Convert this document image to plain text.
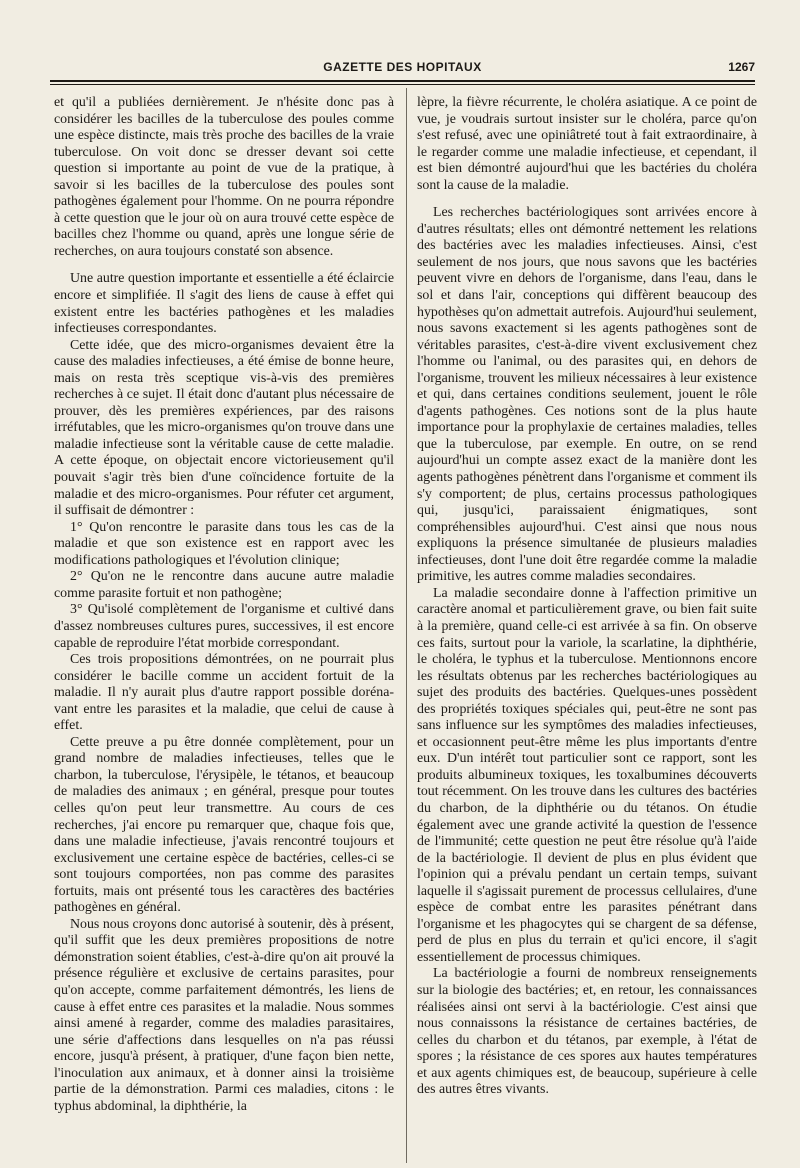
GAZETTE DES HOPITAUX	1267

et qu'il a publiées dernièrement. Je n'hésite donc pas à considérer les bacilles de la tuberculose des poules comme une espèce distincte, mais très proche des bacilles de la vraie tuberculose. On voit donc se dresser devant soi cette question si importante au point de vue de la pratique, à savoir si les bacilles de la tuberculose des poules sont pathogènes également pour l'homme. On ne pourra répondre à cette question que le jour où on aura trouvé cette espèce de bacilles chez l'homme ou quand, après une longue série de recherches, on aura toujours constaté son absence.

Une autre question importante et essentielle a été éclaircie encore et simplifiée. Il s'agit des liens de cause à effet qui existent entre les bactéries pathogènes et les maladies infectieuses correspondantes.

Cette idée, que des micro-organismes devaient être la cause des maladies infectieuses, a été émise de bonne heure, mais on resta très sceptique vis-à-vis des premières recherches à ce sujet. Il était donc d'autant plus nécessaire de prouver, dès les premières expériences, par des raisons irréfutables, que les micro-organismes qu'on trouve dans une maladie infectieuse sont la véritable cause de cette maladie. A cette époque, on objectait encore victorieusement qu'il pouvait s'agir très bien d'une coïncidence fortuite de la maladie et des micro-organismes. Pour réfuter cet argument, il suffisait de démontrer :

1° Qu'on rencontre le parasite dans tous les cas de la maladie et que son existence est en rapport avec les modifications pathologiques et l'évolution clinique;

2° Qu'on ne le rencontre dans aucune autre maladie comme parasite fortuit et non pathogène;

3° Qu'isolé complètement de l'organisme et cultivé dans d'assez nombreuses cultures pures, successives, il est encore capable de reproduire l'état morbide correspondant.

Ces trois propositions démontrées, on ne pourrait plus considérer le bacille comme un accident fortuit de la maladie. Il n'y aurait plus d'autre rapport possible doréna-vant entre les parasites et la maladie, que celui de cause à effet.

Cette preuve a pu être donnée complètement, pour un grand nombre de maladies infectieuses, telles que le charbon, la tuberculose, l'érysipèle, le tétanos, et beaucoup de maladies des animaux ; en général, presque pour toutes celles qu'on peut leur transmettre. Au cours de ces recherches, j'ai encore pu remarquer que, chaque fois que, dans une maladie infectieuse, j'avais rencontré toujours et exclusivement une certaine espèce de bactéries, celles-ci se sont toujours comportées, non pas comme des parasites fortuits, mais ont présenté tous les caractères des bactéries pathogènes en général.

Nous nous croyons donc autorisé à soutenir, dès à présent, qu'il suffit que les deux premières propositions de notre démonstration soient établies, c'est-à-dire qu'on ait prouvé la présence régulière et exclusive de certains parasites, pour qu'on accepte, comme parfaitement démontrés, les liens de cause à effet entre ces parasites et la maladie. Nous sommes ainsi amené à regarder, comme des maladies parasitaires, une série d'affections dans lesquelles on n'a pas réussi encore, jusqu'à présent, à pratiquer, d'une façon bien nette, l'inoculation aux animaux, et à donner ainsi la troisième partie de la démonstration. Parmi ces maladies, citons : le typhus abdominal, la diphthérie, la

lèpre, la fièvre récurrente, le choléra asiatique. A ce point de vue, je voudrais surtout insister sur le choléra, parce qu'on s'est refusé, avec une opiniâtreté tout à fait extraordinaire, à le regarder comme une maladie infectieuse, et cependant, il est bien démontré aujourd'hui que les bactéries du choléra sont la cause de la maladie.

Les recherches bactériologiques sont arrivées encore à d'autres résultats; elles ont démontré nettement les relations des bactéries avec les maladies infectieuses. Ainsi, c'est seulement de nos jours, que nous savons que les bactéries peuvent vivre en dehors de l'organisme, dans l'eau, dans le sol et dans l'air, conceptions qui diffèrent beaucoup des hypothèses qu'on admettait autrefois. Aujourd'hui seulement, nous savons exactement si les agents pathogènes sont de véritables parasites, c'est-à-dire vivent exclusivement chez l'homme ou l'animal, ou des parasites qui, en dehors de l'organisme, trouvent les milieux nécessaires à leur existence et qui, dans certaines conditions seulement, jouent le rôle d'agents pathogènes. Ces notions sont de la plus haute importance pour la prophylaxie de certaines maladies, telles que la tuberculose, par exemple. En outre, on se rend aujourd'hui un compte assez exact de la manière dont les agents pathogènes pénètrent dans l'organisme et comment ils s'y comportent; de plus, certains processus pathologiques qui, jusqu'ici, paraissaient énigmatiques, sont compréhensibles aujourd'hui. C'est ainsi que nous nous expliquons la présence simultanée de plusieurs maladies infectieuses, dont l'une doit être regardée comme la maladie primitive, les autres comme maladies secondaires.

La maladie secondaire donne à l'affection primitive un caractère anomal et particulièrement grave, ou bien fait suite à la première, quand celle-ci est arrivée à sa fin. On observe ces faits, surtout pour la variole, la scarlatine, la diphthérie, le choléra, le typhus et la tuberculose. Mentionnons encore les résultats obtenus par les recherches bactériologiques au sujet des produits des bactéries. Quelques-unes possèdent des propriétés toxiques spéciales qui, peut-être ne sont pas sans influence sur les symptômes des maladies infectieuses, et occasionnent peut-être même les plus importants d'entre eux. D'un intérêt tout particulier sont ce rapport, sont les produits albumineux toxiques, les toxalbumines découverts tout récemment. On les trouve dans les cultures des bactéries du charbon, de la diphthérie ou du tétanos. On étudie également avec une grande activité la question de l'essence de l'immunité; cette question ne peut être résolue qu'à l'aide de la bactériologie. Il devient de plus en plus évident que l'opinion qui a prévalu pendant un certain temps, suivant laquelle il s'agissait purement de processus cellulaires, d'une espèce de combat entre les parasites pénétrant dans l'organisme et les phagocytes qui se chargent de sa défense, perd de plus en plus du terrain et qu'ici encore, il s'agit essentiellement de processus chimiques.

La bactériologie a fourni de nombreux renseignements sur la biologie des bactéries; et, en retour, les connaissances réalisées ainsi ont servi à la bactériologie. C'est ainsi que nous connaissons la résistance de certaines bactéries, de celles du charbon et du tétanos, par exemple, à l'état de spores ; la résistance de ces spores aux hautes températures et aux agents chimiques est, de beaucoup, supérieure à celle des autres êtres vivants.
